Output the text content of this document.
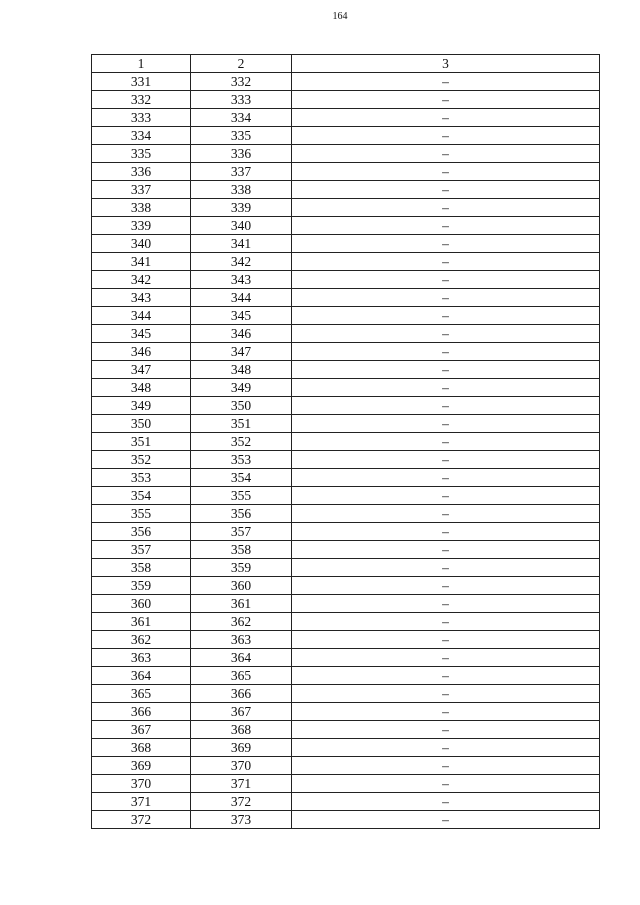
164
1	2	3
331	332	–
332	333	–
333	334	–
334	335	–
335	336	–
336	337	–
337	338	–
338	339	–
339	340	–
340	341	–
341	342	–
342	343	–
343	344	–
344	345	–
345	346	–
346	347	–
347	348	–
348	349	–
349	350	–
350	351	–
351	352	–
352	353	–
353	354	–
354	355	–
355	356	–
356	357	–
357	358	–
358	359	–
359	360	–
360	361	–
361	362	–
362	363	–
363	364	–
364	365	–
365	366	–
366	367	–
367	368	–
368	369	–
369	370	–
370	371	–
371	372	–
372	373	–
